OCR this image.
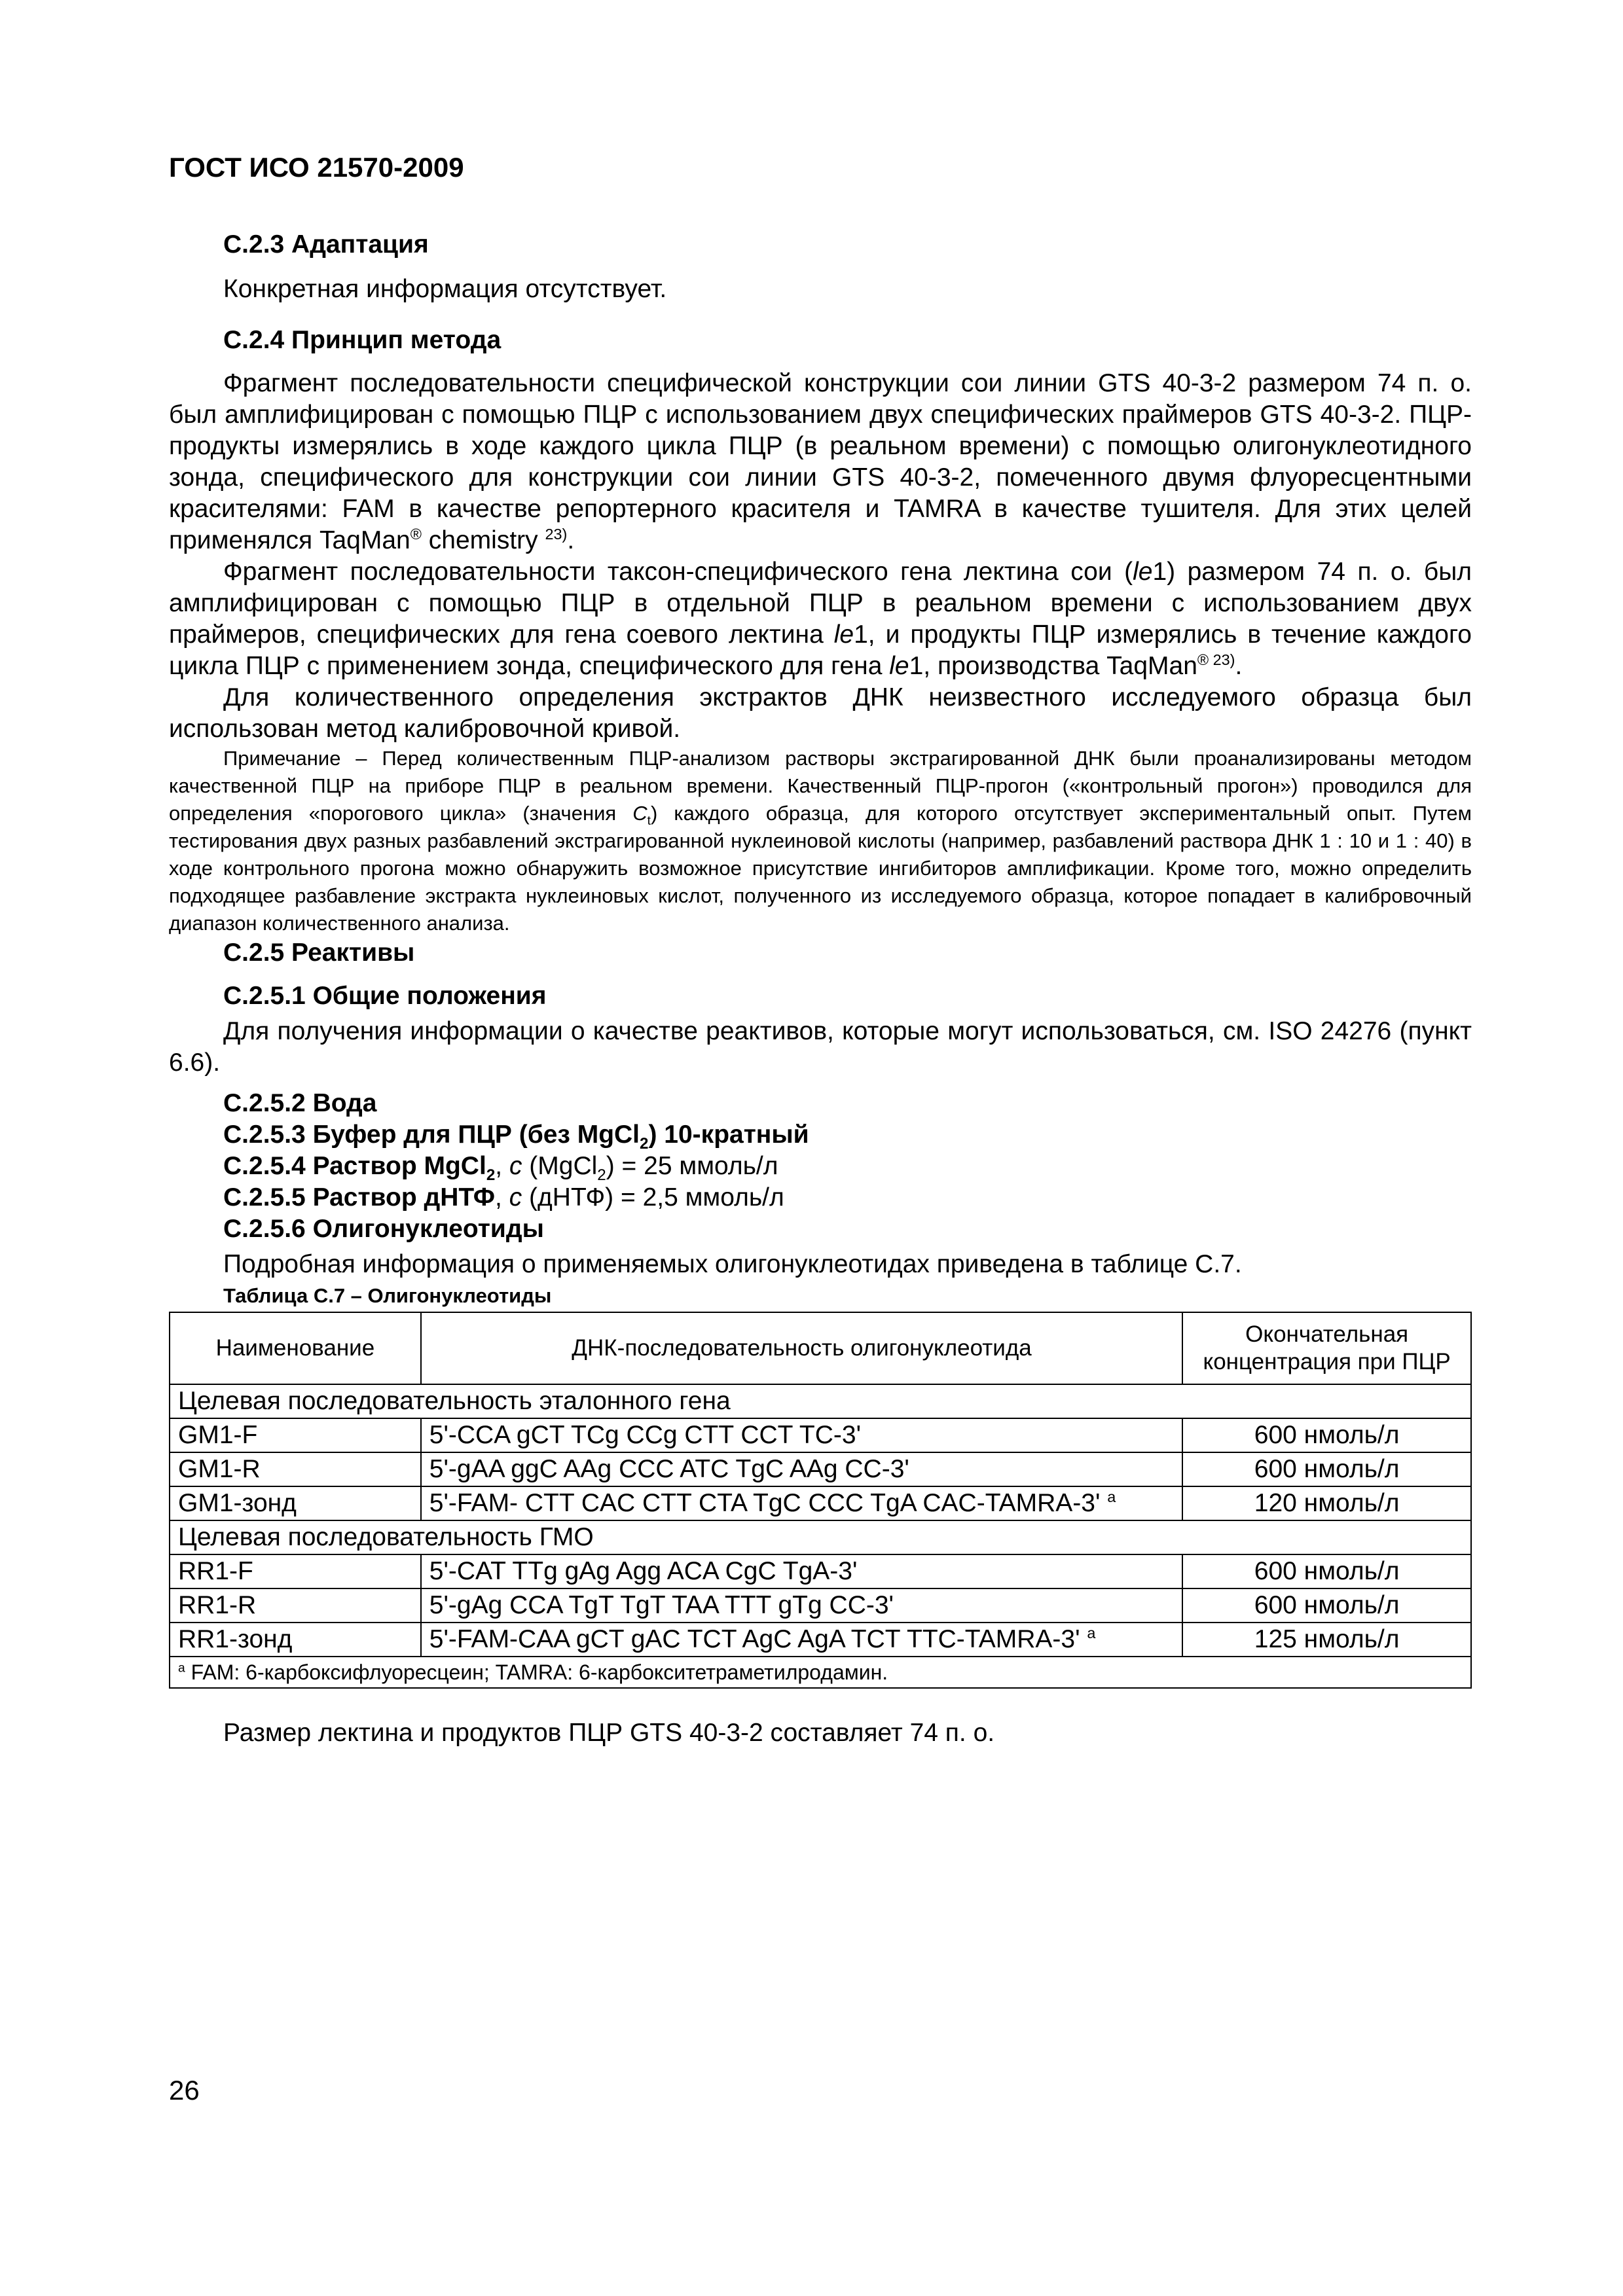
ГОСТ ИСО 21570-2009

С.2.3 Адаптация

Конкретная информация отсутствует.

С.2.4 Принцип метода

Фрагмент последовательности специфической конструкции сои линии GTS 40-3-2 размером 74 п. о. был амплифицирован с помощью ПЦР с использованием двух специфических праймеров GTS 40-3-2. ПЦР-продукты измерялись в ходе каждого цикла ПЦР (в реальном времени) с помощью олигонуклеотидного зонда, специфического для конструкции сои линии GTS 40-3-2, помеченного двумя флуоресцентными красителями: FAM в качестве репортерного красителя и TAMRA в качестве тушителя. Для этих целей применялся TaqMan® chemistry $^{23)}$.

Фрагмент последовательности таксон-специфического гена лектина сои (le1) размером 74 п. о. был амплифицирован с помощью ПЦР в отдельной ПЦР в реальном времени с использованием двух праймеров, специфических для гена соевого лектина le1, и продукты ПЦР измерялись в течение каждого цикла ПЦР с применением зонда, специфического для гена le1, производства TaqMan® $^{23)}$.

Для количественного определения экстрактов ДНК неизвестного исследуемого образца был использован метод калибровочной кривой.

Примечание – Перед количественным ПЦР-анализом растворы экстрагированной ДНК были проанализированы методом качественной ПЦР на приборе ПЦР в реальном времени. Качественный ПЦР-прогон («контрольный прогон») проводился для определения «порогового цикла» (значения $C_t$) каждого образца, для которого отсутствует экспериментальный опыт. Путем тестирования двух разных разбавлений экстрагированной нуклеиновой кислоты (например, разбавлений раствора ДНК 1 : 10 и 1 : 40) в ходе контрольного прогона можно обнаружить возможное присутствие ингибиторов амплификации. Кроме того, можно определить подходящее разбавление экстракта нуклеиновых кислот, полученного из исследуемого образца, которое попадает в калибровочный диапазон количественного анализа.

С.2.5 Реактивы

С.2.5.1 Общие положения

Для получения информации о качестве реактивов, которые могут использоваться, см. ISO 24276 (пункт 6.6).

С.2.5.2 Вода

С.2.5.3 Буфер для ПЦР (без MgCl$_2$) 10-кратный

С.2.5.4 Раствор MgCl$_2$, c (MgCl$_2$) = 25 ммоль/л

С.2.5.5 Раствор дНТФ, c (дНТФ) = 2,5 ммоль/л

С.2.5.6 Олигонуклеотиды

Подробная информация о применяемых олигонуклеотидах приведена в таблице С.7.

Таблица С.7 – Олигонуклеотиды

Наименование	ДНК-последовательность олигонуклеотида	Окончательная концентрация при ПЦР
Целевая последовательность эталонного гена		
GM1-F	5'-CCA gCT TCg CCg CTT CCT TC-3'	600 нмоль/л
GM1-R	5'-gAA ggC AAg CCC ATC TgC AAg CC-3'	600 нмоль/л
GM1-зонд	5'-FAM- CTT CAC CTT CTA TgC CCC TgA CAC-TAMRA-3' $^а$	120 нмоль/л
Целевая последовательность ГМО		
RR1-F	5'-CAT TTg gAg Agg ACA CgC TgA-3'	600 нмоль/л
RR1-R	5'-gAg CCA TgT TgT TAA TTT gTg CC-3'	600 нмоль/л
RR1-зонд	5'-FAM-CAA gCT gAC TCT AgC AgA TCT TTC-TAMRA-3' $^а$	125 нмоль/л
$^а$ FAM: 6-карбоксифлуоресцеин; TAMRA: 6-карбокситетраметилродамин.		

Размер лектина и продуктов ПЦР GTS 40-3-2 составляет 74 п. о.

26
